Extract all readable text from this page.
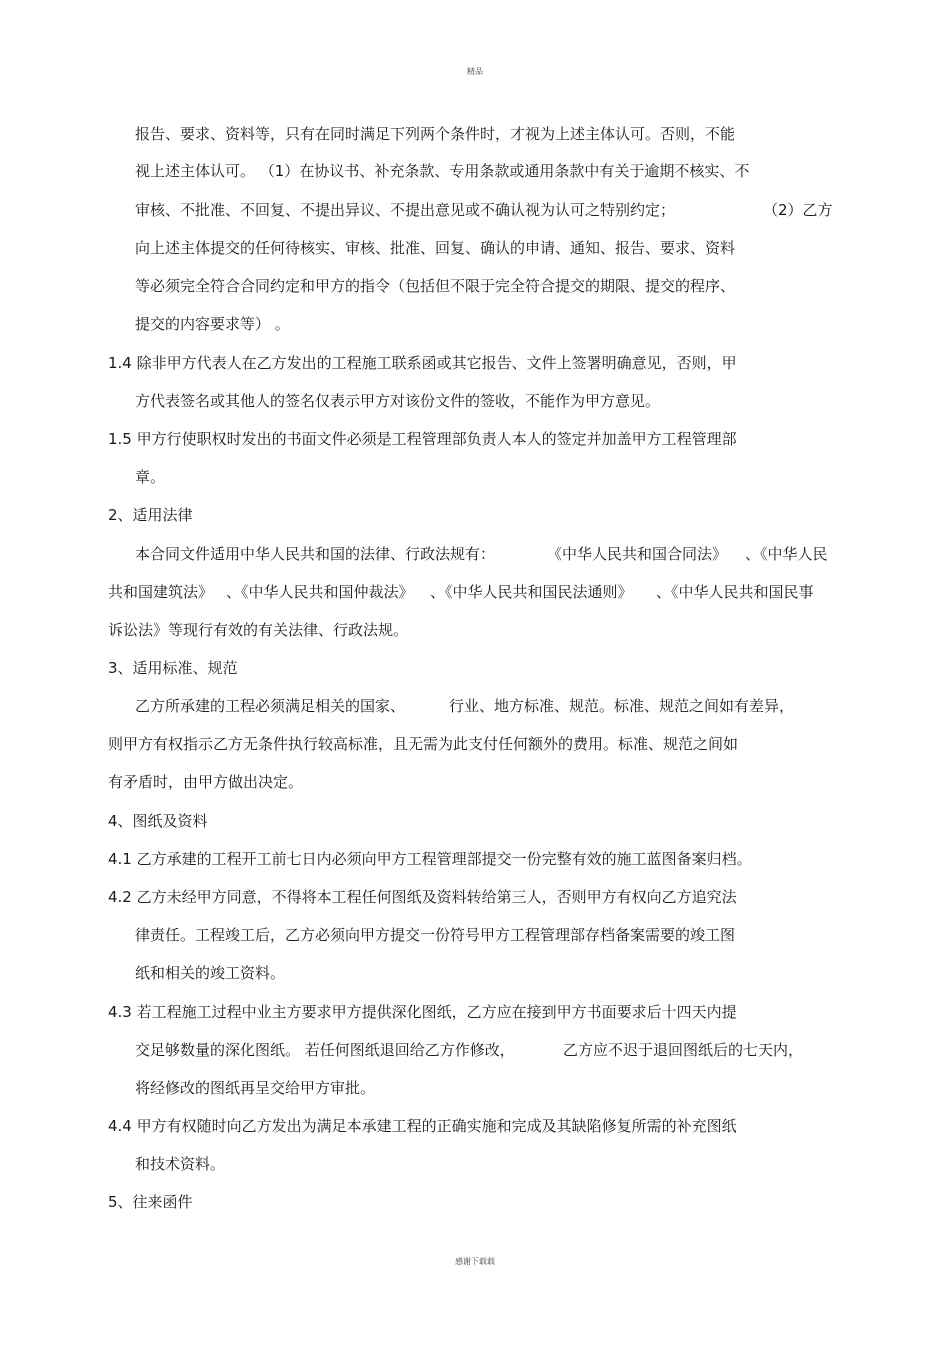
精品
报告、要求、资料等，只有在同时满足下列两个条件时，才视为上述主体认可。否则，不能
视上述主体认可。 （1）在协议书、补充条款、专用条款或通用条款中有关于逾期不核实、不
审核、不批准、不回复、不提出异议、不提出意见或不确认视为认可之特别约定；	（2）乙方
向上述主体提交的任何待核实、审核、批准、回复、确认的申请、通知、报告、要求、资料
等必须完全符合合同约定和甲方的指令（包括但不限于完全符合提交的期限、提交的程序、
提交的内容要求等） 。
1.4 除非甲方代表人在乙方发出的工程施工联系函或其它报告、文件上签署明确意见，否则，甲
方代表签名或其他人的签名仅表示甲方对该份文件的签收，不能作为甲方意见。
1.5 甲方行使职权时发出的书面文件必须是工程管理部负责人本人的签定并加盖甲方工程管理部
章。
2、适用法律
本合同文件适用中华人民共和国的法律、行政法规有：	《中华人民共和国合同法》 、《中华人民
共和国建筑法》 、《中华人民共和国仲裁法》 、《中华人民共和国民法通则》 、《中华人民共和国民事
诉讼法》等现行有效的有关法律、行政法规。
3、适用标准、规范
乙方所承建的工程必须满足相关的国家、	行业、地方标准、规范。标准、规范之间如有差异，
则甲方有权指示乙方无条件执行较高标准，且无需为此支付任何额外的费用。标准、规范之间如
有矛盾时，由甲方做出决定。
4、图纸及资料
4.1 乙方承建的工程开工前七日内必须向甲方工程管理部提交一份完整有效的施工蓝图备案归档。
4.2 乙方未经甲方同意，不得将本工程任何图纸及资料转给第三人，否则甲方有权向乙方追究法
律责任。工程竣工后，乙方必须向甲方提交一份符号甲方工程管理部存档备案需要的竣工图
纸和相关的竣工资料。
4.3 若工程施工过程中业主方要求甲方提供深化图纸，乙方应在接到甲方书面要求后十四天内提
交足够数量的深化图纸。 若任何图纸退回给乙方作修改，	乙方应不迟于退回图纸后的七天内，
将经修改的图纸再呈交给甲方审批。
4.4 甲方有权随时向乙方发出为满足本承建工程的正确实施和完成及其缺陷修复所需的补充图纸
和技术资料。
5、往来函件
感谢下载载
